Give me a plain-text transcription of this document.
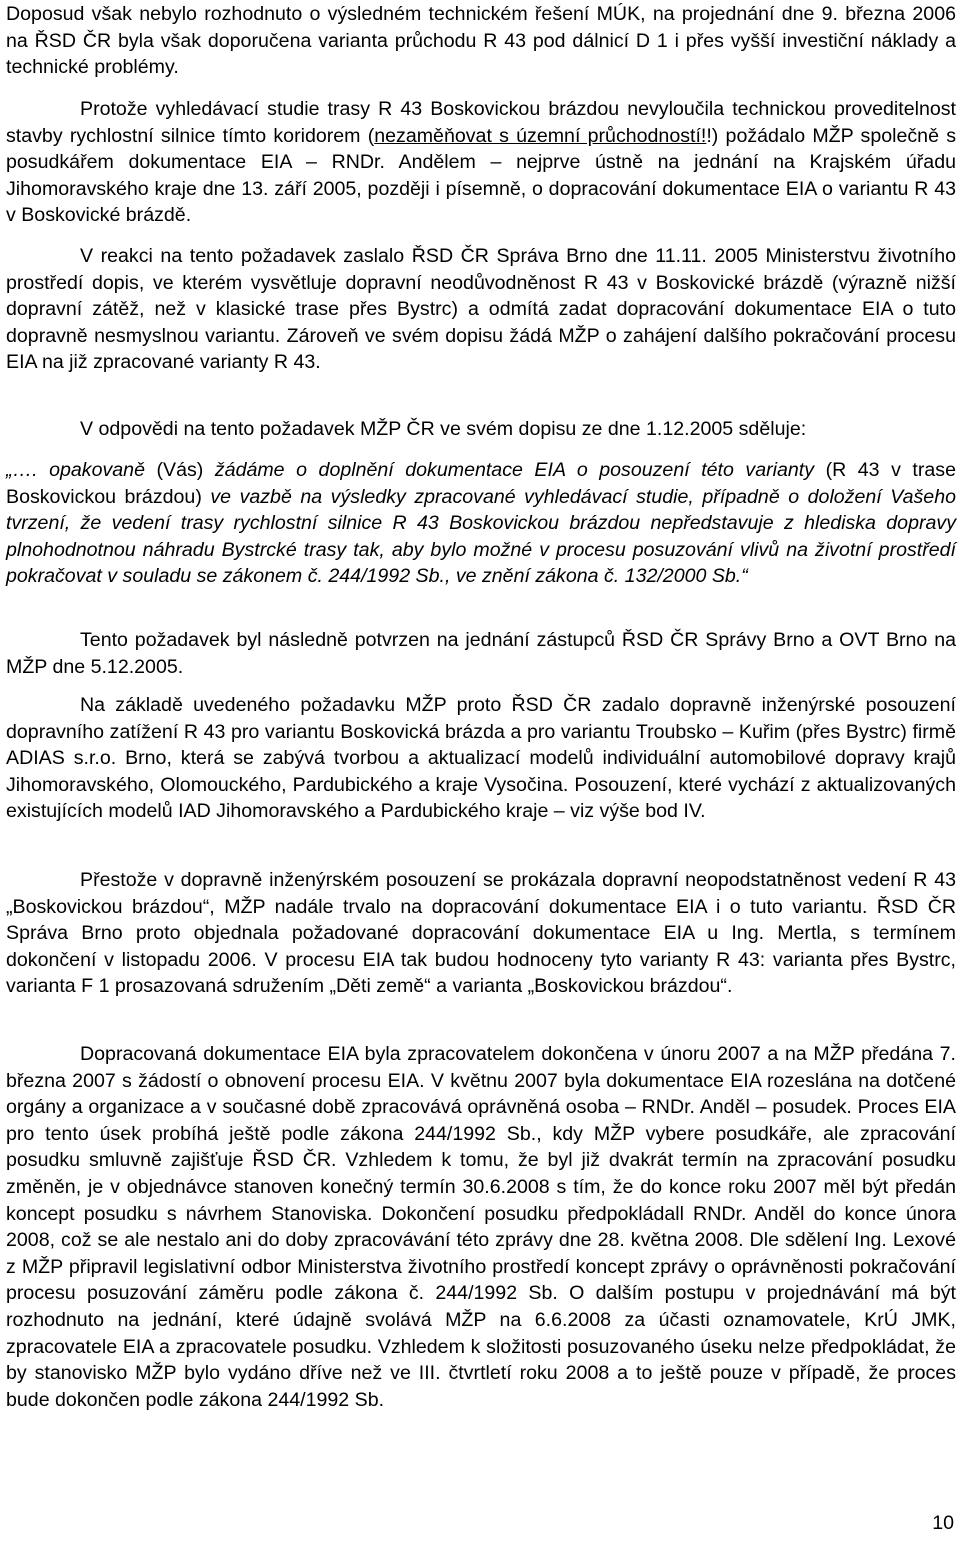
Doposud však nebylo rozhodnuto o výsledném technickém řešení MÚK, na projednání dne 9. března 2006 na ŘSD ČR byla však doporučena varianta průchodu R 43 pod dálnicí D 1 i přes vyšší investiční náklady a technické problémy.

Protože vyhledávací studie trasy R 43 Boskovickou brázdou nevyloučila technickou proveditelnost stavby rychlostní silnice tímto koridorem (nezaměňovat s územní průchodností!!) požádalo MŽP společně s posudkářem dokumentace EIA – RNDr. Andělem – nejprve ústně na jednání na Krajském úřadu Jihomoravského kraje dne 13. září 2005, později i písemně, o dopracování dokumentace EIA o variantu R 43 v Boskovické brázdě.

V reakci na tento požadavek zaslalo ŘSD ČR Správa Brno dne 11.11. 2005 Ministerstvu životního prostředí dopis, ve kterém vysvětluje dopravní neodůvodněnost R 43 v Boskovické brázdě (výrazně nižší dopravní zátěž, než v klasické trase přes Bystrc) a odmítá zadat dopracování dokumentace EIA o tuto dopravně nesmyslnou variantu. Zároveň ve svém dopisu žádá MŽP o zahájení dalšího pokračování procesu EIA na již zpracované varianty R 43.

V odpovědi na tento požadavek MŽP ČR ve svém dopisu ze dne 1.12.2005 sděluje:

„…. opakovaně (Vás) žádáme o doplnění dokumentace EIA o posouzení této varianty (R 43 v trase Boskovickou brázdou) ve vazbě na výsledky zpracované vyhledávací studie, případně o doložení Vašeho tvrzení, že vedení trasy rychlostní silnice R 43 Boskovickou brázdou nepředstavuje z hlediska dopravy plnohodnotnou náhradu Bystrcké trasy tak, aby bylo možné v procesu posuzování vlivů na životní prostředí pokračovat v souladu se zákonem č. 244/1992 Sb., ve znění zákona č. 132/2000 Sb.“

Tento požadavek byl následně potvrzen na jednání zástupců ŘSD ČR Správy Brno a OVT Brno na MŽP dne 5.12.2005.

Na základě uvedeného požadavku MŽP proto ŘSD ČR zadalo dopravně inženýrské posouzení dopravního zatížení R 43 pro variantu Boskovická brázda a pro variantu Troubsko – Kuřim (přes Bystrc) firmě ADIAS s.r.o. Brno, která se zabývá tvorbou a aktualizací modelů individuální automobilové dopravy krajů Jihomoravského, Olomouckého, Pardubického a kraje Vysočina. Posouzení, které vychází z aktualizovaných existujících modelů IAD Jihomoravského a Pardubického kraje – viz výše bod IV.

Přestože v dopravně inženýrském posouzení se prokázala dopravní neopodstatněnost vedení R 43 „Boskovickou brázdou“, MŽP nadále trvalo na dopracování dokumentace EIA i o tuto variantu. ŘSD ČR Správa Brno proto objednala požadované dopracování dokumentace EIA u Ing. Mertla, s termínem dokončení v listopadu 2006. V procesu EIA tak budou hodnoceny tyto varianty R 43: varianta přes Bystrc, varianta F 1 prosazovaná sdružením „Děti země“ a varianta „Boskovickou brázdou“.

Dopracovaná dokumentace EIA byla zpracovatelem dokončena v únoru 2007 a na MŽP předána 7. března 2007 s žádostí o obnovení procesu EIA. V květnu 2007 byla dokumentace EIA rozeslána na dotčené orgány a organizace a v současné době zpracovává oprávněná osoba – RNDr. Anděl – posudek. Proces EIA pro tento úsek probíhá ještě podle zákona 244/1992 Sb., kdy MŽP vybere posudkáře, ale zpracování posudku smluvně zajišťuje ŘSD ČR. Vzhledem k tomu, že byl již dvakrát termín na zpracování posudku změněn, je v objednávce stanoven konečný termín 30.6.2008 s tím, že do konce roku 2007 měl být předán koncept posudku s návrhem Stanoviska. Dokončení posudku předpokládall RNDr. Anděl do konce února 2008, což se ale nestalo ani do doby zpracovávání této zprávy dne 28. května 2008. Dle sdělení Ing. Lexové z MŽP připravil legislativní odbor Ministerstva životního prostředí koncept zprávy o oprávněnosti pokračování procesu posuzování záměru podle zákona č. 244/1992 Sb. O dalším postupu v projednávání má být rozhodnuto na jednání, které údajně svolává MŽP na 6.6.2008 za účasti oznamovatele, KrÚ JMK, zpracovatele EIA a zpracovatele posudku. Vzhledem k složitosti posuzovaného úseku nelze předpokládat, že by stanovisko MŽP bylo vydáno dříve než ve III. čtvrtletí roku 2008 a to ještě pouze v případě, že proces bude dokončen podle zákona 244/1992 Sb.

10
